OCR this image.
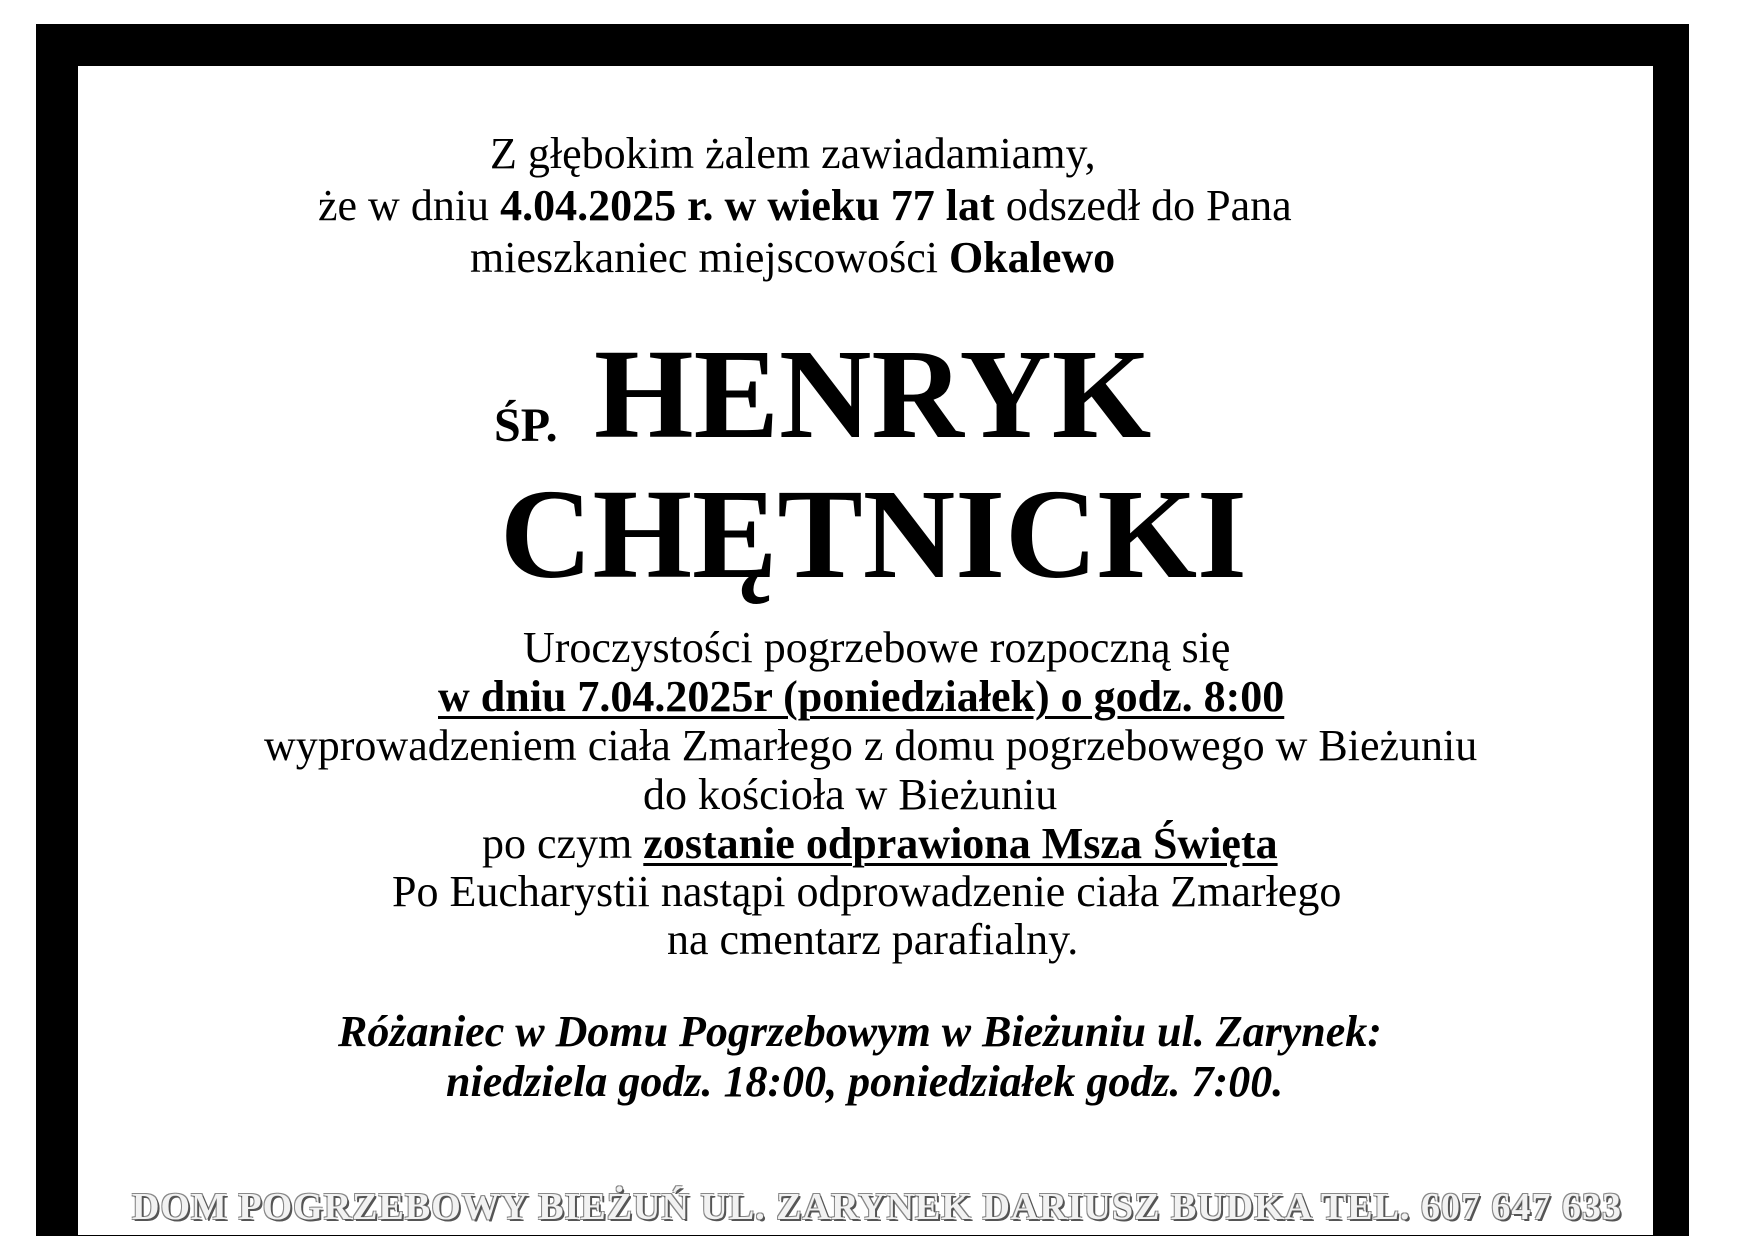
Z głębokim żalem zawiadamiamy,
że w dniu 4.04.2025 r. w wieku 77 lat odszedł do Pana
mieszkaniec miejscowości Okalewo
ŚP. HENRYK
CHĘTNICKI
Uroczystości pogrzebowe rozpoczną się
w dniu 7.04.2025r (poniedziałek) o godz. 8:00
wyprowadzeniem ciała Zmarłego z domu pogrzebowego w Bieżuniu
do kościoła w Bieżuniu
po czym zostanie odprawiona Msza Święta
Po Eucharystii nastąpi odprowadzenie ciała Zmarłego
na cmentarz parafialny.
Różaniec w Domu Pogrzebowym w Bieżuniu ul. Zarynek:
niedziela godz. 18:00, poniedziałek godz. 7:00.
DOM POGRZEBOWY BIEŻUŃ UL. ZARYNEK DARIUSZ BUDKA TEL. 607 647 633
